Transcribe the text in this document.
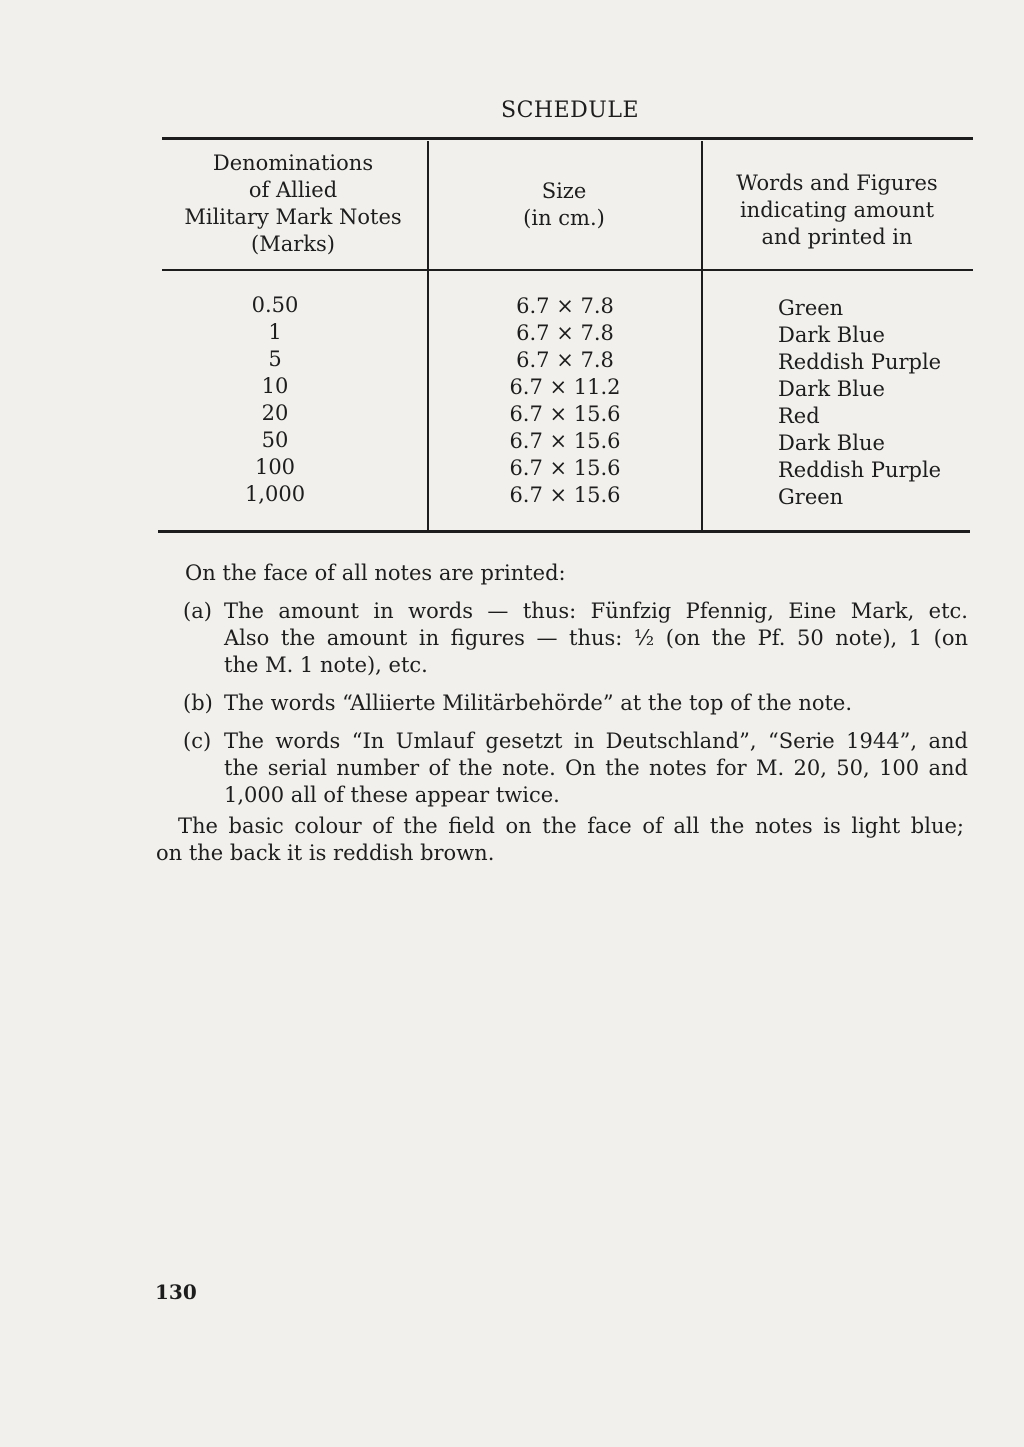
SCHEDULE
Denominations
of Allied
Military Mark Notes
(Marks)
Size
(in cm.)
Words and Figures
indicating amount
and printed in
0.50
1
5
10
20
50
100
1,000
6.7 × 7.8
6.7 × 7.8
6.7 × 7.8
6.7 × 11.2
6.7 × 15.6
6.7 × 15.6
6.7 × 15.6
6.7 × 15.6
Green
Dark Blue
Reddish Purple
Dark Blue
Red
Dark Blue
Reddish Purple
Green
On the face of all notes are printed:
(a) The amount in words — thus: Fünfzig Pfennig, Eine Mark, etc.
Also the amount in figures — thus: ½ (on the Pf. 50 note), 1 (on
the M. 1 note), etc.
(b) The words “Alliierte Militärbehörde” at the top of the note.
(c) The words “In Umlauf gesetzt in Deutschland”, “Serie 1944”, and
the serial number of the note. On the notes for M. 20, 50, 100 and
1,000 all of these appear twice.
The basic colour of the field on the face of all the notes is light blue;
on the back it is reddish brown.
130
